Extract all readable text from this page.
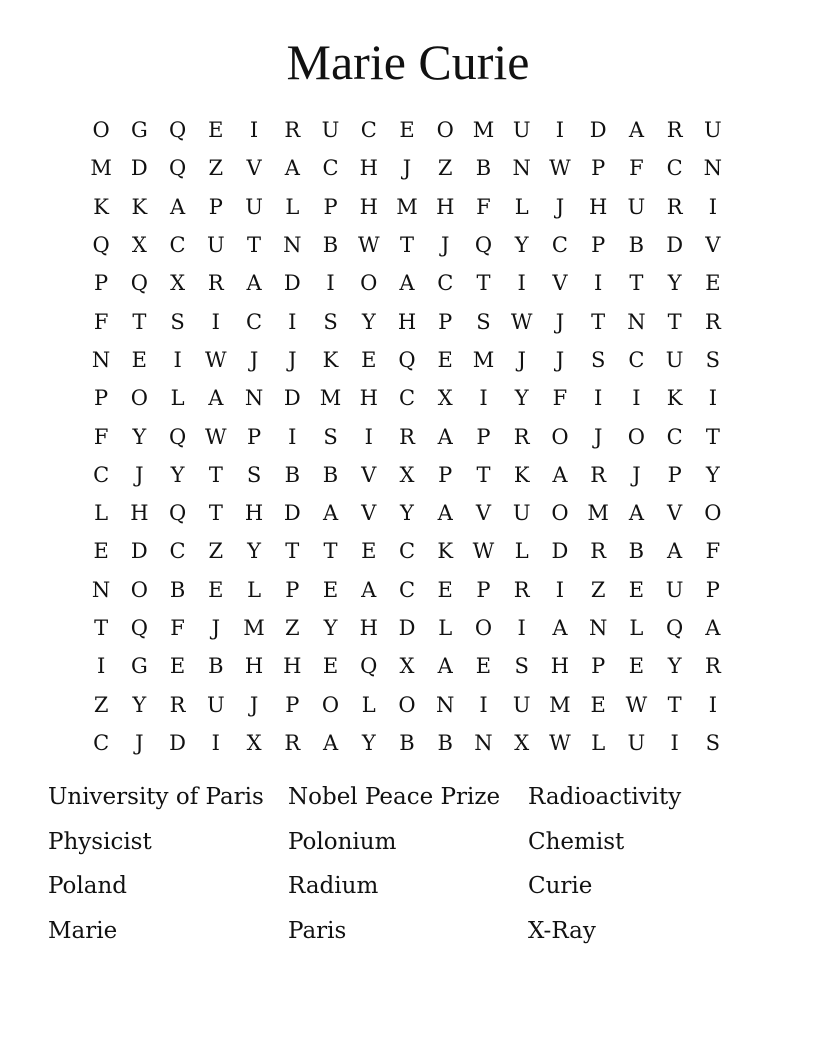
Marie Curie
O	G	Q	E	I	R	U	C	E	O M U	I	D	A	R	U
M D	Q	Z	V	A	C	H	J	Z	B	N W P	F	C	N
K	K	A	P	U	L	P	H M H	F	L	J	H U	R	I
Q	X	C	U	T	N	B W T	J	Q	Y	C	P	B	D	V
P	Q	X	R	A	D	I	O	A	C	T	I	V	I	T	Y	E
F	T	S	I	C	I	S	Y	H	P	S W	J	T	N	T	R
N	E	I	W	J	J	K	E	Q	E M	J	J	S	C	U	S
P	O	L	A	N D M H	C	X	I	Y	F	I	I	K	I
F	Y	Q W P	I	S	I	R	A	P	R	O	J	O	C	T
C	J	Y	T	S	B	B	V	X	P	T	K	A	R	J	P	Y
L	H Q	T	H D	A	V	Y	A	V	U O M A	V	O
E	D	C	Z	Y	T	T	E	C	K W L	D	R	B	A	F
N O	B	E	L	P	E	A	C	E	P	R	I	Z	E	U	P
T	Q	F	J	M Z	Y	H D	L	O	I	A	N	L	Q	A
I	G	E	B	H H	E	Q	X	A	E	S	H	P	E	Y	R
Z	Y	R	U	J	P	O	L	O N	I	U M E W T	I
C	J	D	I	X	R	A	Y	B	B	N	X W L	U	I	S
University of Paris	Nobel Peace Prize	Radioactivity
Physicist	Polonium	Chemist
Poland	Radium	Curie
Marie	Paris	X-Ray
